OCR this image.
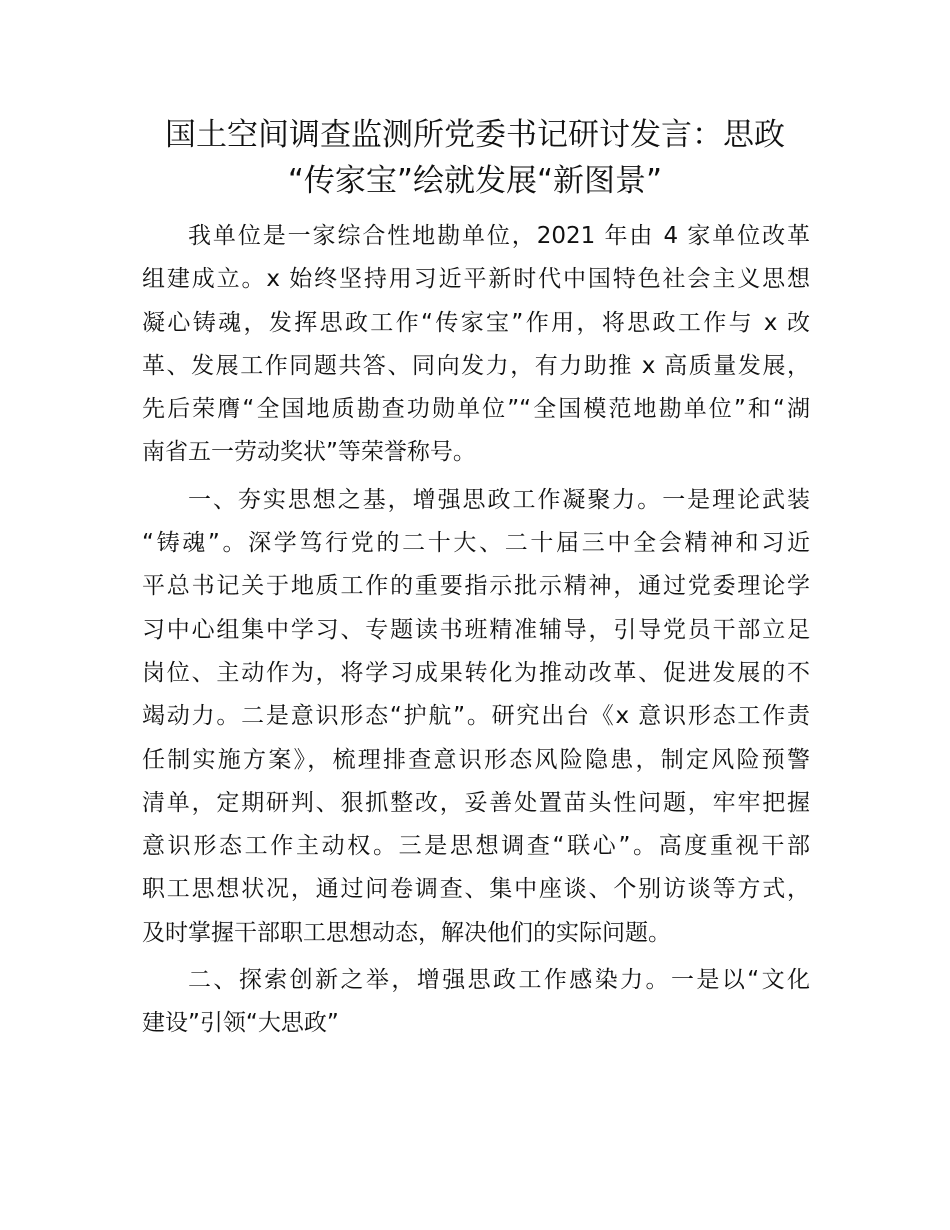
国土空间调查监测所党委书记研讨发言：思政
“传家宝”绘就发展“新图景”
我单位是一家综合性地勘单位，2021 年由 4 家单位改革
组建成立。x 始终坚持用习近平新时代中国特色社会主义思想
凝心铸魂，发挥思政工作“传家宝”作用，将思政工作与 x 改
革、发展工作同题共答、同向发力，有力助推 x 高质量发展，
先后荣膺“全国地质勘查功勋单位”“全国模范地勘单位”和“湖
南省五一劳动奖状”等荣誉称号。
一、夯实思想之基，增强思政工作凝聚力。一是理论武装
“铸魂”。深学笃行党的二十大、二十届三中全会精神和习近
平总书记关于地质工作的重要指示批示精神，通过党委理论学
习中心组集中学习、专题读书班精准辅导，引导党员干部立足
岗位、主动作为，将学习成果转化为推动改革、促进发展的不
竭动力。二是意识形态“护航”。研究出台《x 意识形态工作责
任制实施方案》，梳理排查意识形态风险隐患，制定风险预警
清单，定期研判、狠抓整改，妥善处置苗头性问题，牢牢把握
意识形态工作主动权。三是思想调查“联心”。高度重视干部
职工思想状况，通过问卷调查、集中座谈、个别访谈等方式，
及时掌握干部职工思想动态，解决他们的实际问题。
二、探索创新之举，增强思政工作感染力。一是以“文化
建设”引领“大思政”
